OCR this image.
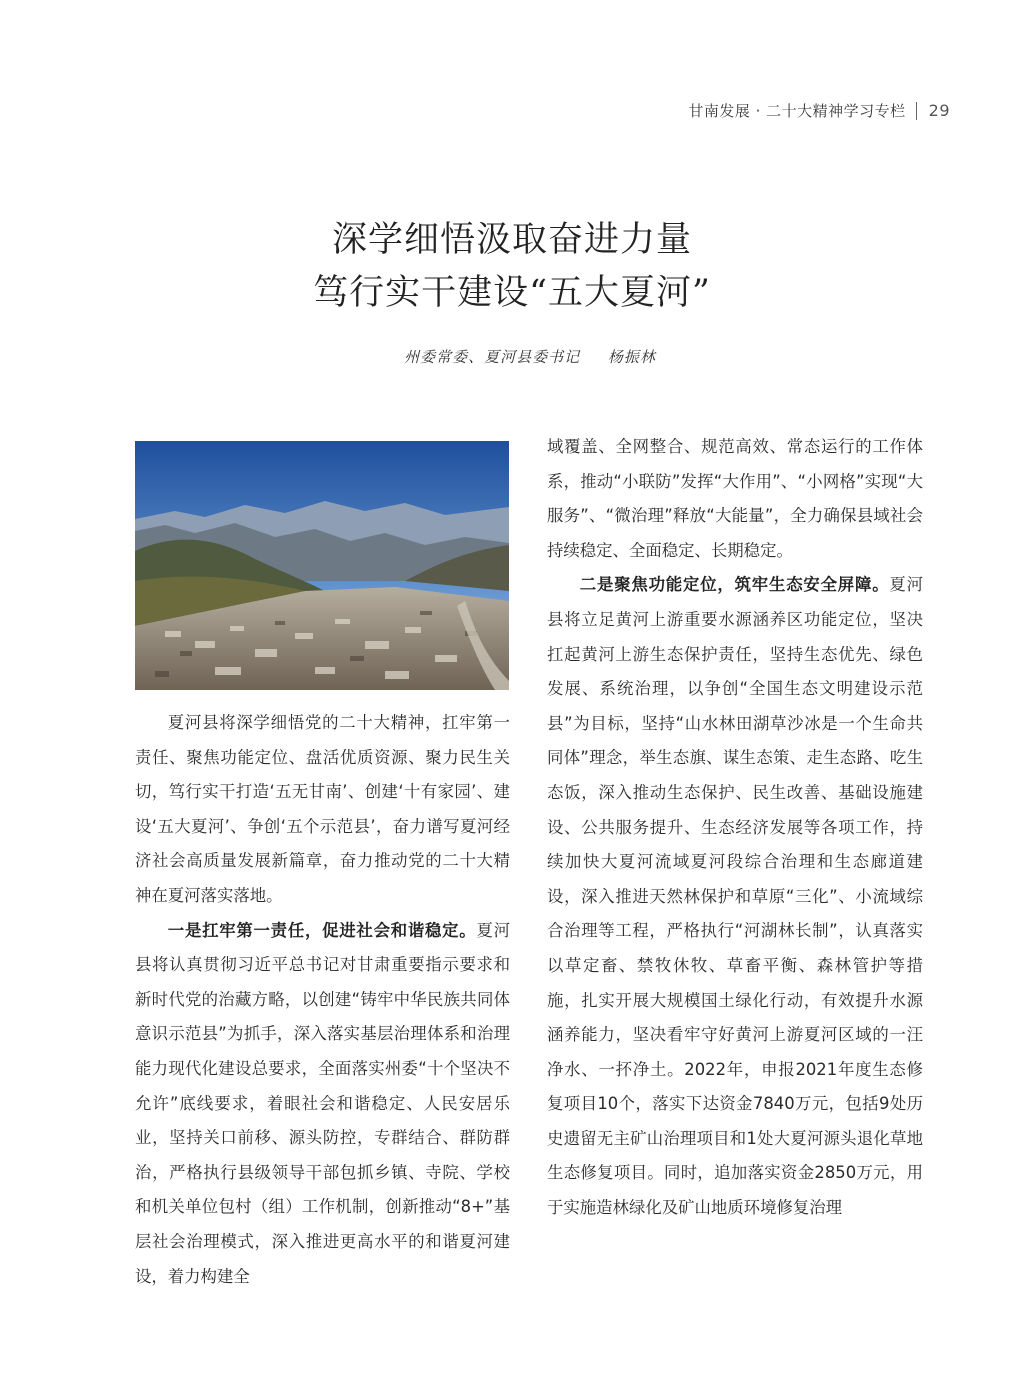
甘南发展 · 二十大精神学习专栏 29
深学细悟汲取奋进力量
笃行实干建设“五大夏河”
州委常委、夏河县委书记 杨振林

夏河县将深学细悟党的二十大精神，扛牢第一责任、聚焦功能定位、盘活优质资源、聚力民生关切，笃行实干打造‘五无甘南’、创建‘十有家园’、建设‘五大夏河’、争创‘五个示范县’，奋力谱写夏河经济社会高质量发展新篇章，奋力推动党的二十大精神在夏河落实落地。

一是扛牢第一责任，促进社会和谐稳定。夏河县将认真贯彻习近平总书记对甘肃重要指示要求和新时代党的治藏方略，以创建“铸牢中华民族共同体意识示范县”为抓手，深入落实基层治理体系和治理能力现代化建设总要求，全面落实州委“十个坚决不允许”底线要求，着眼社会和谐稳定、人民安居乐业，坚持关口前移、源头防控，专群结合、群防群治，严格执行县级领导干部包抓乡镇、寺院、学校和机关单位包村（组）工作机制，创新推动“8+”基层社会治理模式，深入推进更高水平的和谐夏河建设，着力构建全

域覆盖、全网整合、规范高效、常态运行的工作体系，推动“小联防”发挥“大作用”、“小网格”实现“大服务”、“微治理”释放“大能量”，全力确保县域社会持续稳定、全面稳定、长期稳定。

二是聚焦功能定位，筑牢生态安全屏障。夏河县将立足黄河上游重要水源涵养区功能定位，坚决扛起黄河上游生态保护责任，坚持生态优先、绿色发展、系统治理，以争创“全国生态文明建设示范县”为目标，坚持“山水林田湖草沙冰是一个生命共同体”理念，举生态旗、谋生态策、走生态路、吃生态饭，深入推动生态保护、民生改善、基础设施建设、公共服务提升、生态经济发展等各项工作，持续加快大夏河流域夏河段综合治理和生态廊道建设，深入推进天然林保护和草原“三化”、小流域综合治理等工程，严格执行“河湖林长制”，认真落实以草定畜、禁牧休牧、草畜平衡、森林管护等措施，扎实开展大规模国土绿化行动，有效提升水源涵养能力，坚决看牢守好黄河上游夏河区域的一汪净水、一抔净土。2022年，申报2021年度生态修复项目10个，落实下达资金7840万元，包括9处历史遗留无主矿山治理项目和1处大夏河源头退化草地生态修复项目。同时，追加落实资金2850万元，用于实施造林绿化及矿山地质环境修复治理
